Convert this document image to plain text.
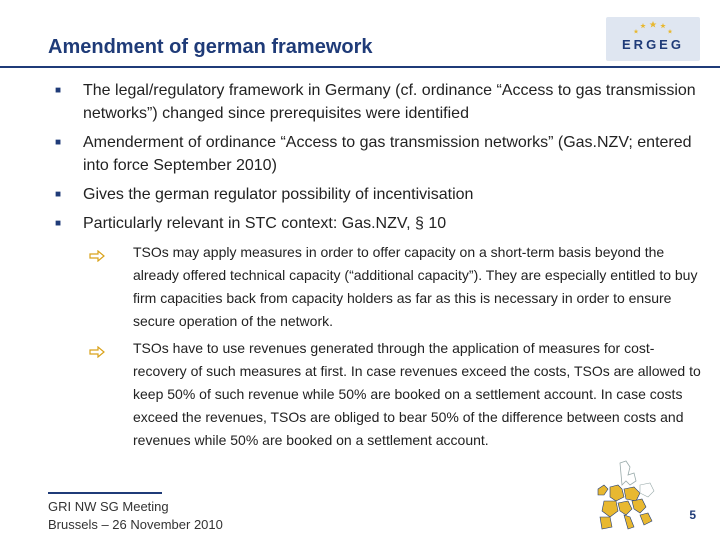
Amendment of german framework	ERGEG
■ The legal/regulatory framework in Germany (cf. ordinance “Access to gas transmission networks”) changed since prerequisites were identified
■ Amenderment of ordinance “Access to gas transmission networks” (Gas.NZV; entered into force September 2010)
■ Gives the german regulator possibility of incentivisation
■ Particularly relevant in STC context: Gas.NZV, § 10
TSOs may apply measures in order to offer capacity on a short-term basis beyond the already offered technical capacity (“additional capacity”). They are especially entitled to buy firm capacities back from capacity holders as far as this is necessary in order to ensure secure operation of the network.
TSOs have to use revenues generated through the application of measures for cost-recovery of such measures at first. In case revenues exceed the costs, TSOs are allowed to keep 50% of such revenue while 50% are booked on a settlement account. In case costs exceed the revenues, TSOs are obliged to bear 50% of the difference between costs and revenues while 50% are booked on a settlement account.
GRI NW SG Meeting
Brussels – 26 November 2010
5
